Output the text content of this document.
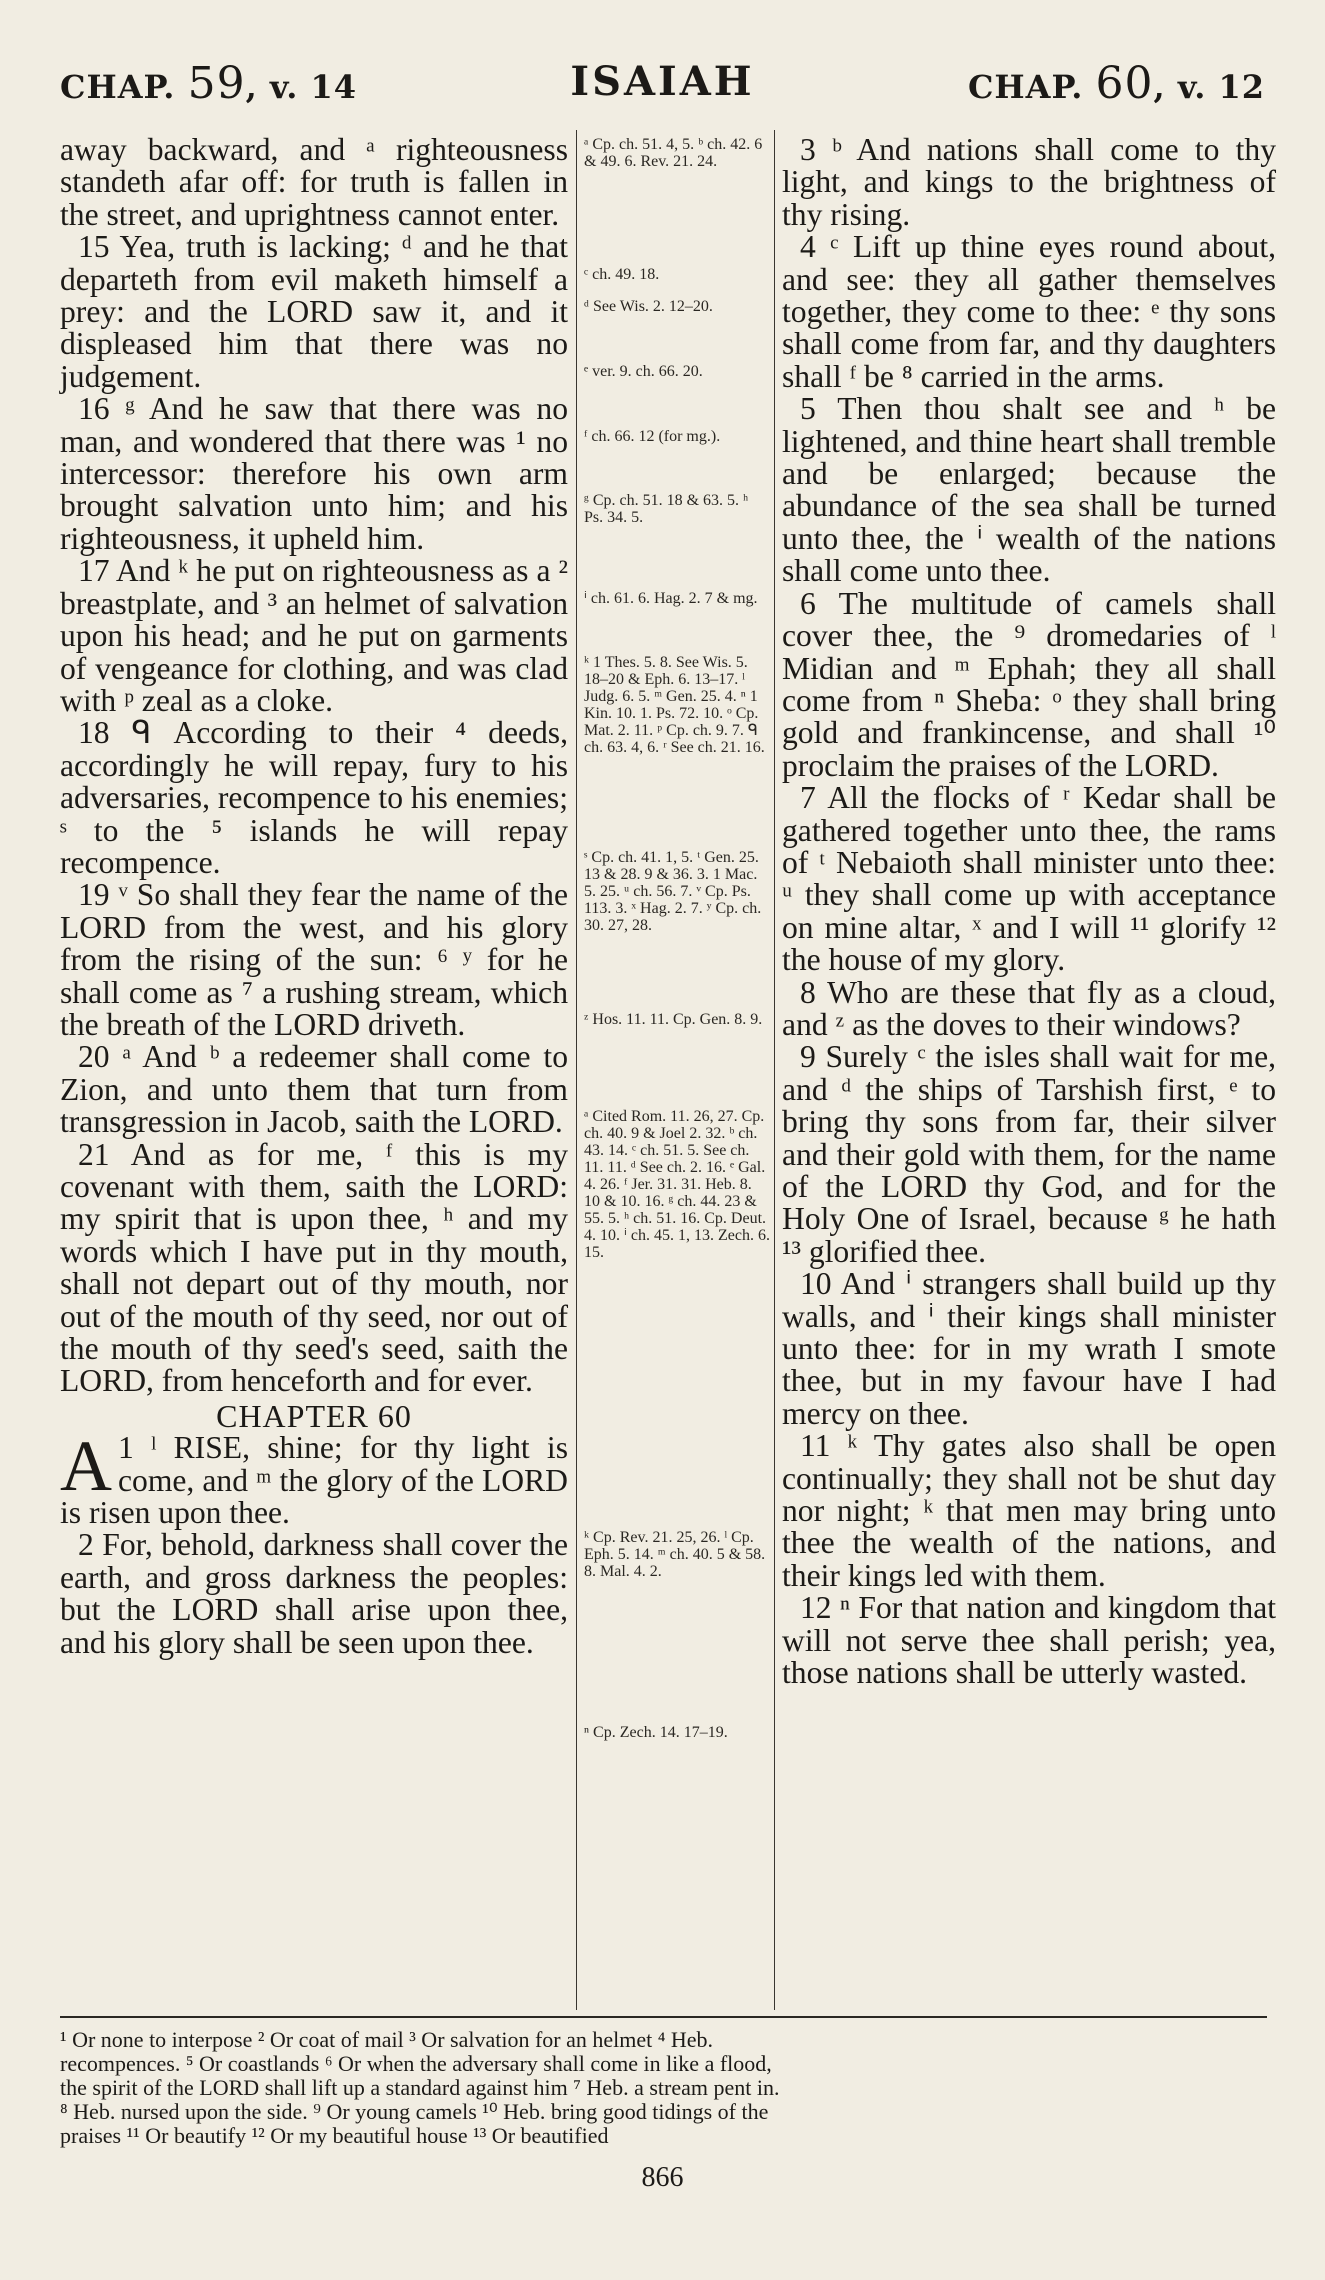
CHAP. 59, v. 14	ISAIAH	CHAP. 60, v. 12

away backward, and ᵃ righteousness standeth afar off: for truth is fallen in the street, and uprightness cannot enter.

15 Yea, truth is lacking; ᵈ and he that departeth from evil maketh himself a prey: and the LORD saw it, and it displeased him that there was no judgement.

16 ᵍ And he saw that there was no man, and wondered that there was ¹ no intercessor: therefore his own arm brought salvation unto him; and his righteousness, it upheld him.

17 And ᵏ he put on righteousness as a ² breastplate, and ³ an helmet of salvation upon his head; and he put on garments of vengeance for clothing, and was clad with ᵖ zeal as a cloke.

18 ᑫ According to their ⁴ deeds, accordingly he will repay, fury to his adversaries, recompence to his enemies; ˢ to the ⁵ islands he will repay recompence.

19 ᵛ So shall they fear the name of the LORD from the west, and his glory from the rising of the sun: ⁶ ʸ for he shall come as ⁷ a rushing stream, which the breath of the LORD driveth.

20 ᵃ And ᵇ a redeemer shall come to Zion, and unto them that turn from transgression in Jacob, saith the LORD.

21 And as for me, ᶠ this is my covenant with them, saith the LORD: my spirit that is upon thee, ʰ and my words which I have put in thy mouth, shall not depart out of thy mouth, nor out of the mouth of thy seed, nor out of the mouth of thy seed's seed, saith the LORD, from henceforth and for ever.

CHAPTER 60

1 ˡ
A RISE, shine; for thy light is come, and ᵐ the glory of the LORD is risen upon thee.

2 For, behold, darkness shall cover the earth, and gross darkness the peoples: but the LORD shall arise upon thee, and his glory shall be seen upon thee.

ᵃ Cp. ch. 51. 4, 5. ᵇ ch. 42. 6 & 49. 6. Rev. 21. 24.
ᶜ ch. 49. 18.
ᵈ See Wis. 2. 12–20.
ᵉ ver. 9. ch. 66. 20.
ᶠ ch. 66. 12 (for mg.).
ᵍ Cp. ch. 51. 18 & 63. 5. ʰ Ps. 34. 5.
ⁱ ch. 61. 6. Hag. 2. 7 & mg.
ᵏ 1 Thes. 5. 8. See Wis. 5. 18–20 & Eph. 6. 13–17. ˡ Judg. 6. 5. ᵐ Gen. 25. 4. ⁿ 1 Kin. 10. 1. Ps. 72. 10. ᵒ Cp. Mat. 2. 11. ᵖ Cp. ch. 9. 7. ᑫ ch. 63. 4, 6. ʳ See ch. 21. 16.
ˢ Cp. ch. 41. 1, 5. ᵗ Gen. 25. 13 & 28. 9 & 36. 3. 1 Mac. 5. 25. ᵘ ch. 56. 7. ᵛ Cp. Ps. 113. 3. ˣ Hag. 2. 7. ʸ Cp. ch. 30. 27, 28.
ᶻ Hos. 11. 11. Cp. Gen. 8. 9.
ᵃ Cited Rom. 11. 26, 27. Cp. ch. 40. 9 & Joel 2. 32. ᵇ ch. 43. 14. ᶜ ch. 51. 5. See ch. 11. 11. ᵈ See ch. 2. 16. ᵉ Gal. 4. 26. ᶠ Jer. 31. 31. Heb. 8. 10 & 10. 16. ᵍ ch. 44. 23 & 55. 5. ʰ ch. 51. 16. Cp. Deut. 4. 10. ⁱ ch. 45. 1, 13. Zech. 6. 15.
ᵏ Cp. Rev. 21. 25, 26. ˡ Cp. Eph. 5. 14. ᵐ ch. 40. 5 & 58. 8. Mal. 4. 2.
ⁿ Cp. Zech. 14. 17–19.

3 ᵇ And nations shall come to thy light, and kings to the brightness of thy rising.

4 ᶜ Lift up thine eyes round about, and see: they all gather themselves together, they come to thee: ᵉ thy sons shall come from far, and thy daughters shall ᶠ be ⁸ carried in the arms.

5 Then thou shalt see and ʰ be lightened, and thine heart shall tremble and be enlarged; because the abundance of the sea shall be turned unto thee, the ⁱ wealth of the nations shall come unto thee.

6 The multitude of camels shall cover thee, the ⁹ dromedaries of ˡ Midian and ᵐ Ephah; they all shall come from ⁿ Sheba: ᵒ they shall bring gold and frankincense, and shall ¹⁰ proclaim the praises of the LORD.

7 All the flocks of ʳ Kedar shall be gathered together unto thee, the rams of ᵗ Nebaioth shall minister unto thee: ᵘ they shall come up with acceptance on mine altar, ˣ and I will ¹¹ glorify ¹² the house of my glory.

8 Who are these that fly as a cloud, and ᶻ as the doves to their windows?

9 Surely ᶜ the isles shall wait for me, and ᵈ the ships of Tarshish first, ᵉ to bring thy sons from far, their silver and their gold with them, for the name of the LORD thy God, and for the Holy One of Israel, because ᵍ he hath ¹³ glorified thee.

10 And ⁱ strangers shall build up thy walls, and ⁱ their kings shall minister unto thee: for in my wrath I smote thee, but in my favour have I had mercy on thee.

11 ᵏ Thy gates also shall be open continually; they shall not be shut day nor night; ᵏ that men may bring unto thee the wealth of the nations, and their kings led with them.

12 ⁿ For that nation and kingdom that will not serve thee shall perish; yea, those nations shall be utterly wasted.

¹ Or none to interpose ² Or coat of mail ³ Or salvation for an helmet ⁴ Heb.
recompences. ⁵ Or coastlands ⁶ Or when the adversary shall come in like a flood,
the spirit of the LORD shall lift up a standard against him ⁷ Heb. a stream pent in.
⁸ Heb. nursed upon the side. ⁹ Or young camels ¹⁰ Heb. bring good tidings of the
praises ¹¹ Or beautify ¹² Or my beautiful house ¹³ Or beautified
866
